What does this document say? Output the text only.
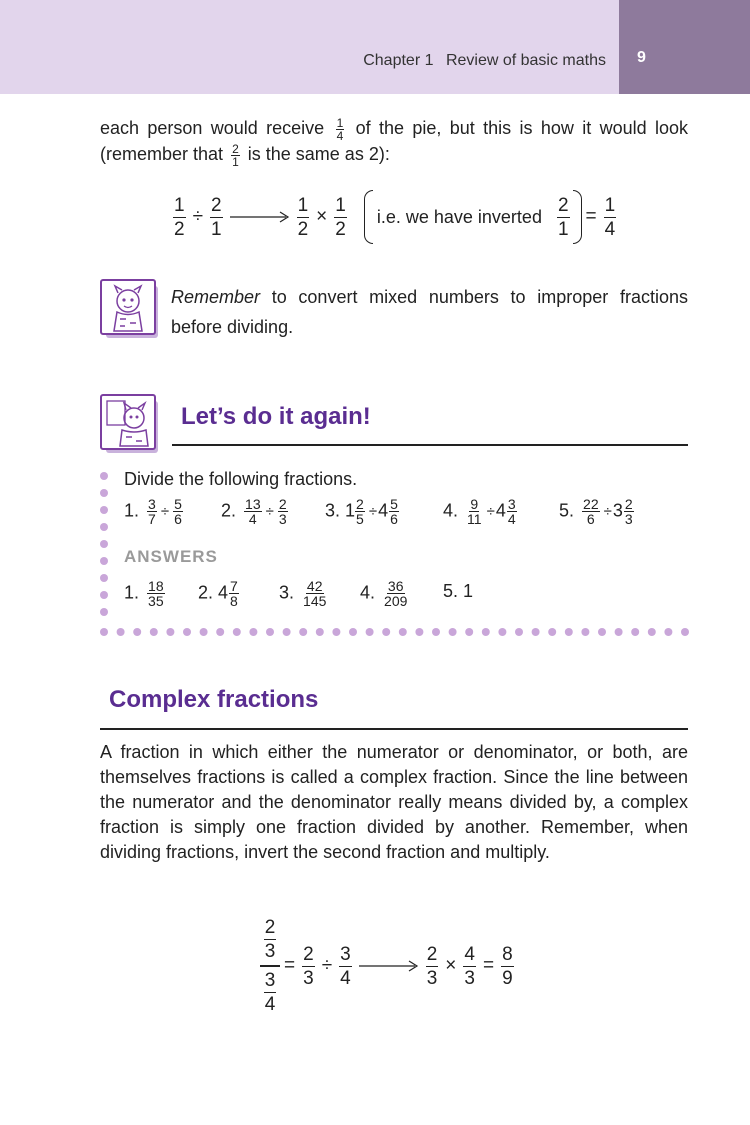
Chapter 1 Review of basic maths 9
each person would receive $\frac{1}{4}$ of the pie, but this is how it would look (remember that $\frac{2}{1}$ is the same as 2):
$\frac{1}{2} \div \frac{2}{1}$	$\frac{1}{2} \times \frac{1}{2} i.e$. we have inverted
2
1
= $\frac{1}{4}$
Remember to convert mixed numbers to improper fractions before dividing.
Let’s do it again!
Divide the following fractions.
1. $\frac{3}{7} \div \frac{5}{6} 2$. $\frac{13}{4} \div \frac{2}{3} 3$. $1 \frac{2}{5} \div 4 \frac{5}{6} 4$. $\frac{9}{11} \div 4 \frac{3}{4} 5$. $\frac{22}{6} \div 3 \frac{2}{3}$
ANSWERS
1. $\frac{18}{35} 2$. $4 \frac{7}{8} 3$. $\frac{42}{145} 4$. $\frac{36}{209} 5$. 1
Complex fractions
A fraction in which either the numerator or denominator, or both, are themselves fractions is called a complex fraction. Since the line between the numerator and the denominator really means divided by, a complex fraction is simply one fraction divided by another. Remember, when dividing fractions, invert the second fraction and multiply.
2
3
3
4
= $\frac{2}{3} \div \frac{3}{4}$	$\frac{2}{3} \times \frac{4}{3} = \frac{8}{9}$
